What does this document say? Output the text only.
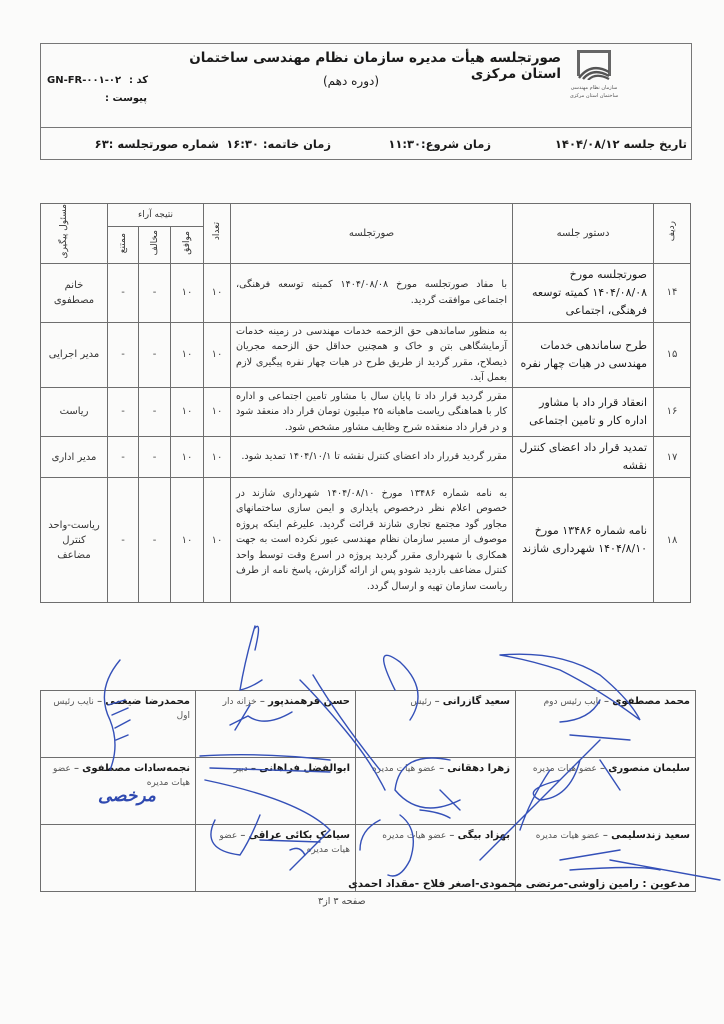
سازمان نظام مهندسی ساختمان استان مرکزی
صورتجلسه هیأت مدیره سازمان نظام مهندسی ساختمان استان مرکزی
(دوره دهم)
کد :
GN-FR-۰۰۱-۰۲
پیوست :
تاریخ جلسه ۱۴۰۴/۰۸/۱۲
زمان شروع:۱۱:۳۰
زمان خاتمه: ۱۶:۳۰
شماره صورتجلسه :۶۳
ردیف	دستور جلسه	صورتجلسه	تعداد	نتیجه آراء			مسئول پیگیری
				موافق	مخالف	ممتنع	
۱۴	صورتجلسه مورخ ۱۴۰۴/۰۸/۰۸ کمیته توسعه فرهنگی، اجتماعی	با مفاد صورتجلسه مورخ ۱۴۰۴/۰۸/۰۸ کمیته توسعه فرهنگی، اجتماعی موافقت گردید.	۱۰	۱۰	-	-	خانم مصطفوی
۱۵	طرح ساماندهی خدمات مهندسی در هیات چهار نفره	به منظور ساماندهی حق الزحمه خدمات مهندسی در زمینه خدمات آزمایشگاهی بتن و خاک و همچنین حداقل حق الزحمه مجریان ذیصلاح، مقرر گردید از طریق طرح در هیات چهار نفره پیگیری لازم بعمل آید.	۱۰	۱۰	-	-	مدیر اجرایی
۱۶	انعقاد قرار داد با مشاور اداره کار و تامین اجتماعی	مقرر گردید قرار داد تا پایان سال با مشاور تامین اجتماعی و اداره کار با هماهنگی ریاست ماهیانه ۲۵ میلیون تومان قرار داد منعقد شود و در قرار داد منعقده شرح وظایف مشاور مشخص شود.	۱۰	۱۰	-	-	ریاست
۱۷	تمدید قرار داد اعضای کنترل نقشه	مقرر گردید قررار داد اعضای کنترل نقشه تا ۱۴۰۴/۱۰/۱ تمدید شود.	۱۰	۱۰	-	-	مدیر اداری
۱۸	نامه شماره ۱۳۴۸۶ مورخ ۱۴۰۴/۸/۱۰ شهرداری شازند	به نامه شماره ۱۳۴۸۶ مورخ ۱۴۰۴/۰۸/۱۰ شهرداری شازند در خصوص اعلام نظر درخصوص پایداری و ایمن سازی ساختمانهای مجاور گود مجتمع تجاری شازند قرائت گردید. علیرغم اینکه پروژه موصوف از مسیر سازمان نظام مهندسی عبور نکرده است به جهت همکاری با شهرداری مقرر گردید پروژه در اسرع وقت توسط واحد کنترل مضاعف بازدید شودو پس از ارائه گزارش، پاسخ نامه از طرف ریاست سازمان تهیه و ارسال گردد.	۱۰	۱۰	-	-	ریاست-واحد کنترل مضاعف
محمد مصطفوی – نایب رئیس دوم	سعید گازرانی – رئیس	حسن فرهمندپور – خزانه دار	محمدرضا ضیغمی – نایب رئیس اول
سلیمان منصوری – عضو هیات مدیره	زهرا دهقانی – عضو هیات مدیره	ابوالفضل فراهانی – دبیر	نجمه‌سادات مصطفوی – عضو هیات مدیره
سعید زندسلیمی – عضو هیات مدیره	بهزاد بیگی – عضو هیات مدیره	سیامک بکائی عراقی – عضو هیات مدیره	
مرخصی
مدعوین : رامین زاوشی-مرتضی محمودی-اصغر فلاح -مقداد احمدی
صفحه ۳ از۳
